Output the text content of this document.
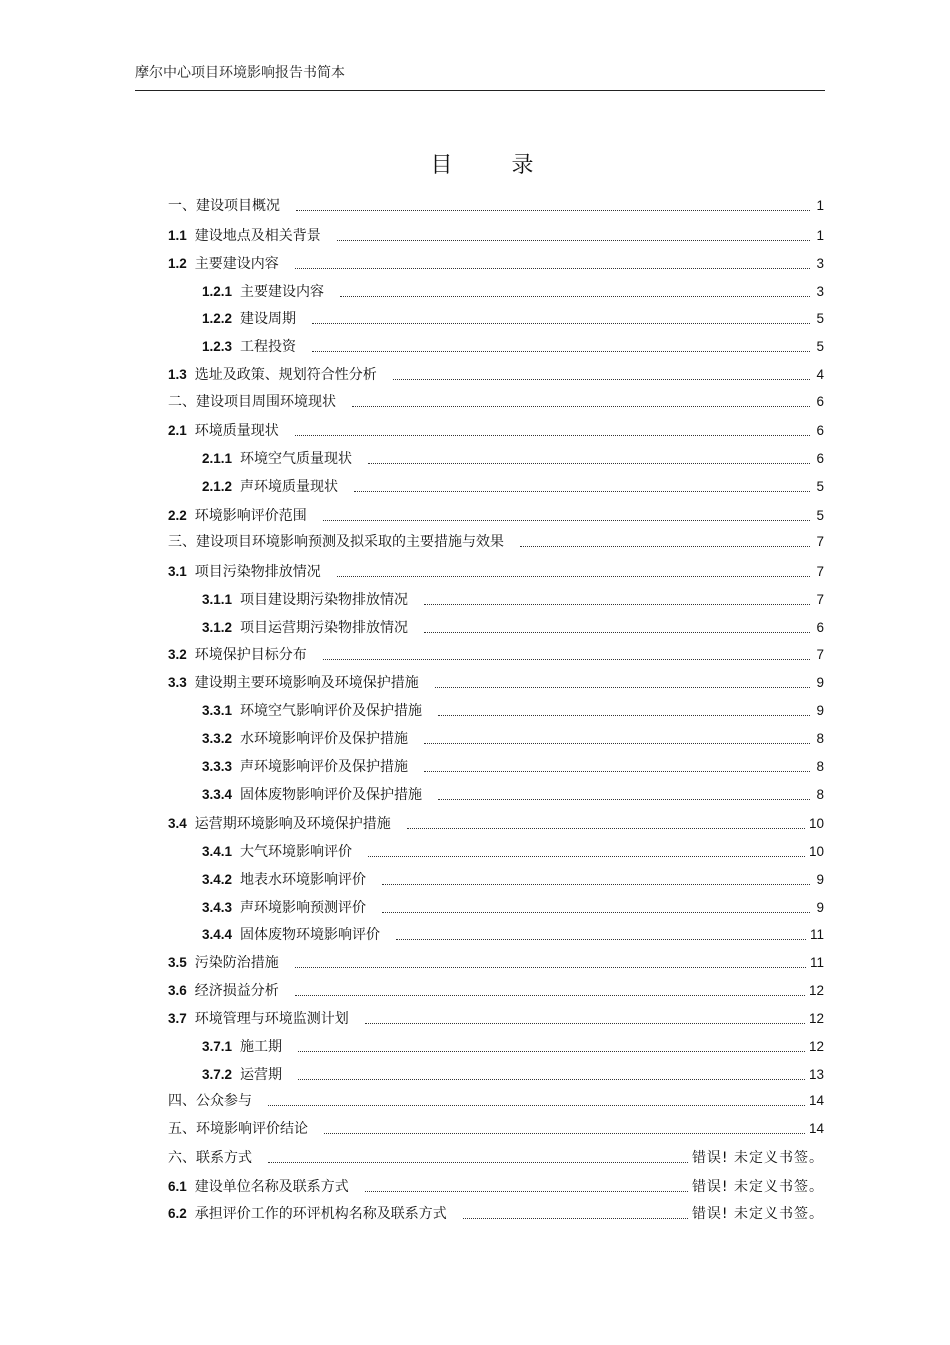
摩尔中心项目环境影响报告书简本
目 录
一、建设项目概况	1
1.1 建设地点及相关背景	1
1.2 主要建设内容	3
1.2.1 主要建设内容	3
1.2.2 建设周期	5
1.2.3 工程投资	5
1.3 选址及政策、规划符合性分析	4
二、建设项目周围环境现状	6
2.1 环境质量现状	6
2.1.1 环境空气质量现状	6
2.1.2 声环境质量现状	5
2.2 环境影响评价范围	5
三、建设项目环境影响预测及拟采取的主要措施与效果	7
3.1 项目污染物排放情况	7
3.1.1 项目建设期污染物排放情况	7
3.1.2 项目运营期污染物排放情况	6
3.2 环境保护目标分布	7
3.3 建设期主要环境影响及环境保护措施	9
3.3.1 环境空气影响评价及保护措施	9
3.3.2 水环境影响评价及保护措施	8
3.3.3 声环境影响评价及保护措施	8
3.3.4 固体废物影响评价及保护措施	8
3.4 运营期环境影响及环境保护措施	10
3.4.1 大气环境影响评价	10
3.4.2 地表水环境影响评价	9
3.4.3 声环境影响预测评价	9
3.4.4 固体废物环境影响评价	11
3.5 污染防治措施	11
3.6 经济损益分析	12
3.7 环境管理与环境监测计划	12
3.7.1 施工期	12
3.7.2 运营期	13
四、公众参与	14
五、环境影响评价结论	14
六、联系方式	错误! 未定义书签。
6.1 建设单位名称及联系方式	错误! 未定义书签。
6.2 承担评价工作的环评机构名称及联系方式	错误! 未定义书签。
